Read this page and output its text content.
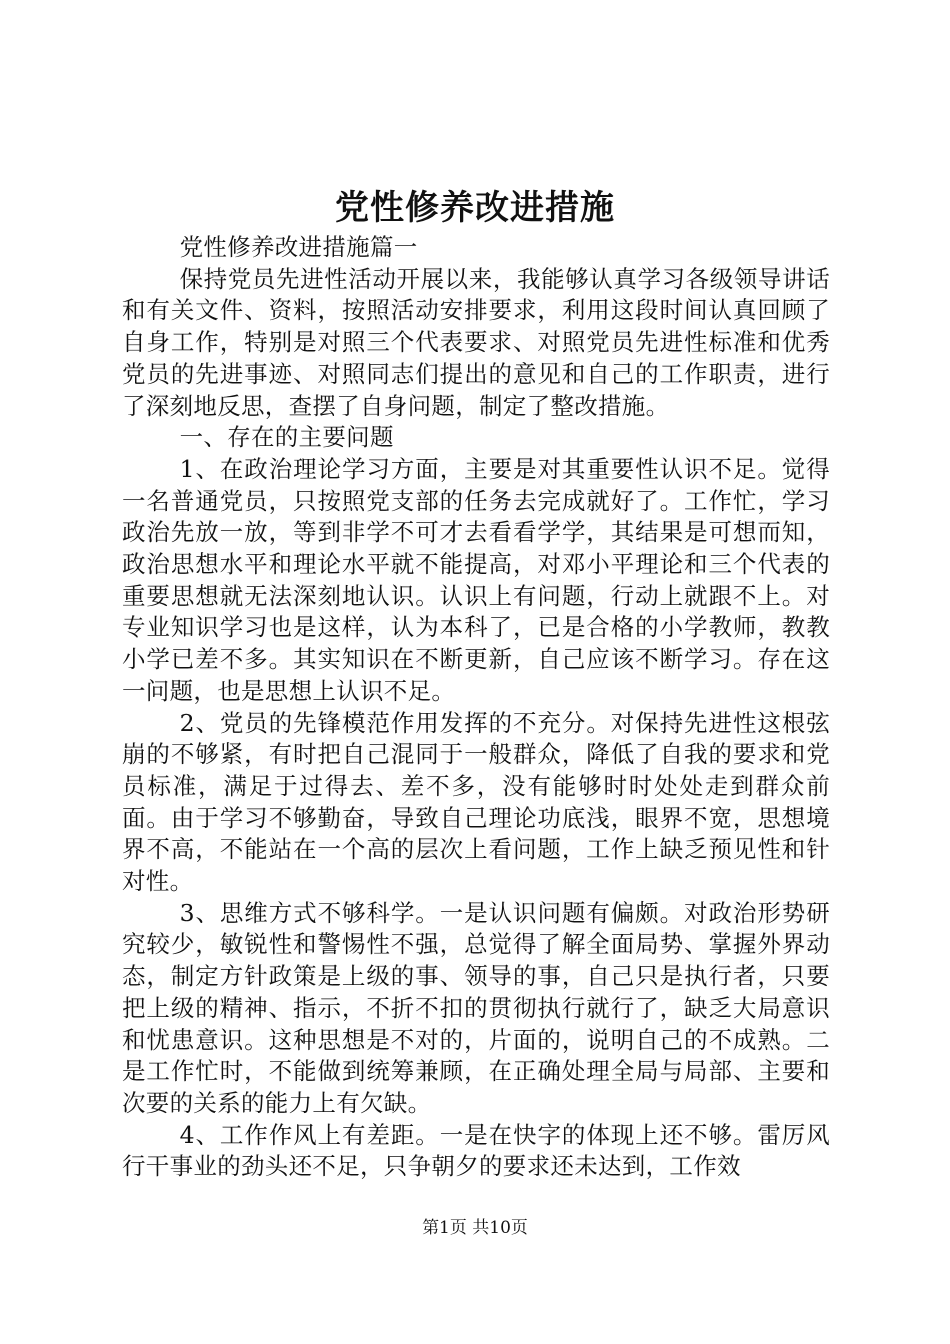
党性修养改进措施

党性修养改进措施篇一

保持党员先进性活动开展以来，我能够认真学习各级领导讲话和有关文件、资料，按照活动安排要求，利用这段时间认真回顾了自身工作，特别是对照三个代表要求、对照党员先进性标准和优秀党员的先进事迹、对照同志们提出的意见和自己的工作职责，进行了深刻地反思，查摆了自身问题，制定了整改措施。

一、存在的主要问题

1、在政治理论学习方面，主要是对其重要性认识不足。觉得一名普通党员，只按照党支部的任务去完成就好了。工作忙，学习政治先放一放，等到非学不可才去看看学学，其结果是可想而知，政治思想水平和理论水平就不能提高，对邓小平理论和三个代表的重要思想就无法深刻地认识。认识上有问题，行动上就跟不上。对专业知识学习也是这样，认为本科了，已是合格的小学教师，教教小学已差不多。其实知识在不断更新，自己应该不断学习。存在这一问题，也是思想上认识不足。

2、党员的先锋模范作用发挥的不充分。对保持先进性这根弦崩的不够紧，有时把自己混同于一般群众，降低了自我的要求和党员标准，满足于过得去、差不多，没有能够时时处处走到群众前面。由于学习不够勤奋，导致自己理论功底浅，眼界不宽，思想境界不高，不能站在一个高的层次上看问题，工作上缺乏预见性和针对性。

3、思维方式不够科学。一是认识问题有偏颇。对政治形势研究较少，敏锐性和警惕性不强，总觉得了解全面局势、掌握外界动态，制定方针政策是上级的事、领导的事，自己只是执行者，只要把上级的精神、指示，不折不扣的贯彻执行就行了，缺乏大局意识和忧患意识。这种思想是不对的，片面的，说明自己的不成熟。二是工作忙时，不能做到统筹兼顾，在正确处理全局与局部、主要和次要的关系的能力上有欠缺。

4、工作作风上有差距。一是在快字的体现上还不够。雷厉风行干事业的劲头还不足，只争朝夕的要求还未达到，工作效

第1页 共10页
